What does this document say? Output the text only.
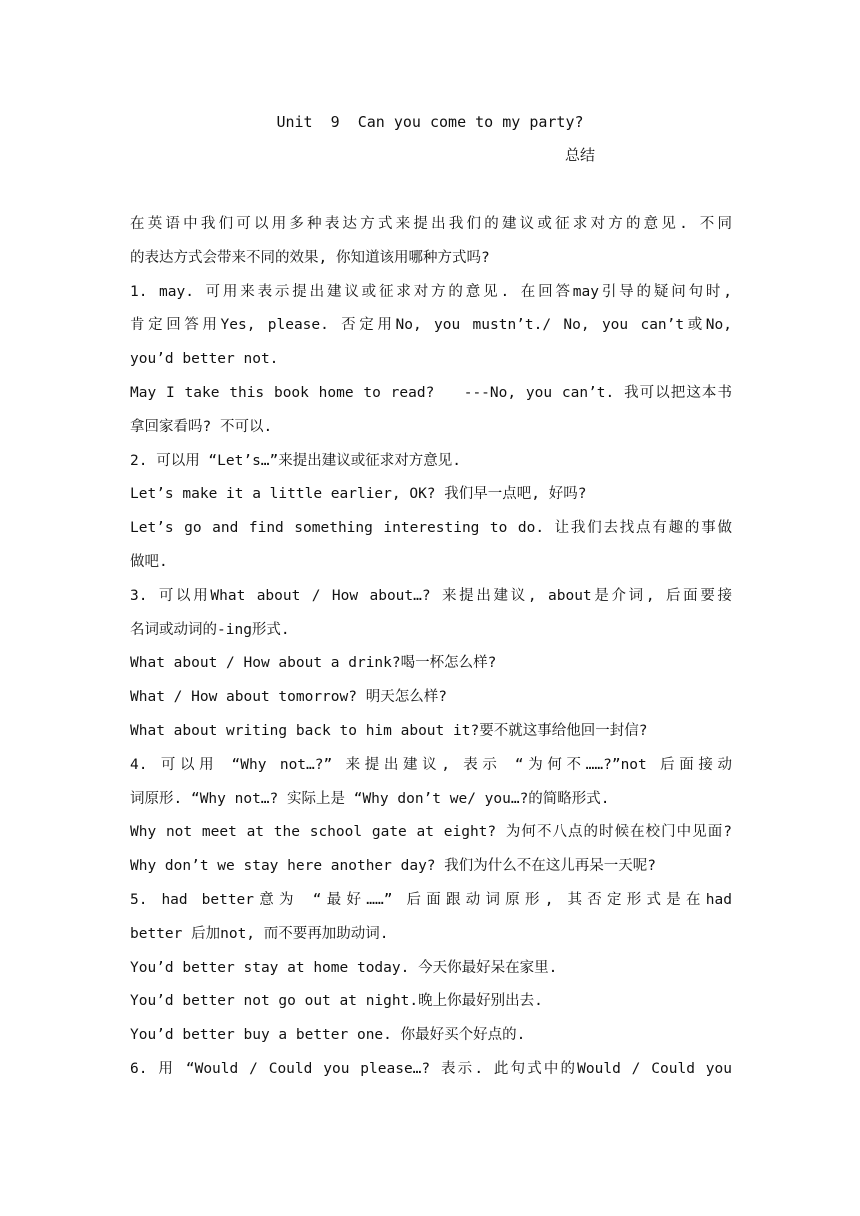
Unit  9  Can you come to my party?
总结
在英语中我们可以用多种表达方式来提出我们的建议或征求对方的意见. 不同
的表达方式会带来不同的效果, 你知道该用哪种方式吗?
1. may. 可用来表示提出建议或征求对方的意见. 在回答may引导的疑问句时,
肯定回答用Yes, please. 否定用No, you mustn’t./ No, you can’t或No,
you’d better not.
May I take this book home to read?   ---No, you can’t. 我可以把这本书
拿回家看吗? 不可以.
2. 可以用 “Let’s…”来提出建议或征求对方意见.
Let’s make it a little earlier, OK? 我们早一点吧, 好吗?
Let’s go and find something interesting to do. 让我们去找点有趣的事做
做吧.
3. 可以用What about / How about…? 来提出建议, about是介词, 后面要接
名词或动词的-ing形式.
What about / How about a drink?喝一杯怎么样?
What / How about tomorrow? 明天怎么样?
What about writing back to him about it?要不就这事给他回一封信?
4. 可以用 “Why not…?” 来提出建议, 表示 “为何不……?”not 后面接动
词原形. “Why not…? 实际上是 “Why don’t we/ you…?的简略形式.
Why not meet at the school gate at eight? 为何不八点的时候在校门中见面?
Why don’t we stay here another day? 我们为什么不在这儿再呆一天呢?
5. had better意为 “最好……” 后面跟动词原形, 其否定形式是在had
better 后加not, 而不要再加助动词.
You’d better stay at home today. 今天你最好呆在家里.
You’d better not go out at night.晚上你最好别出去.
You’d better buy a better one. 你最好买个好点的.
6. 用 “Would / Could you please…? 表示. 此句式中的Would / Could you
